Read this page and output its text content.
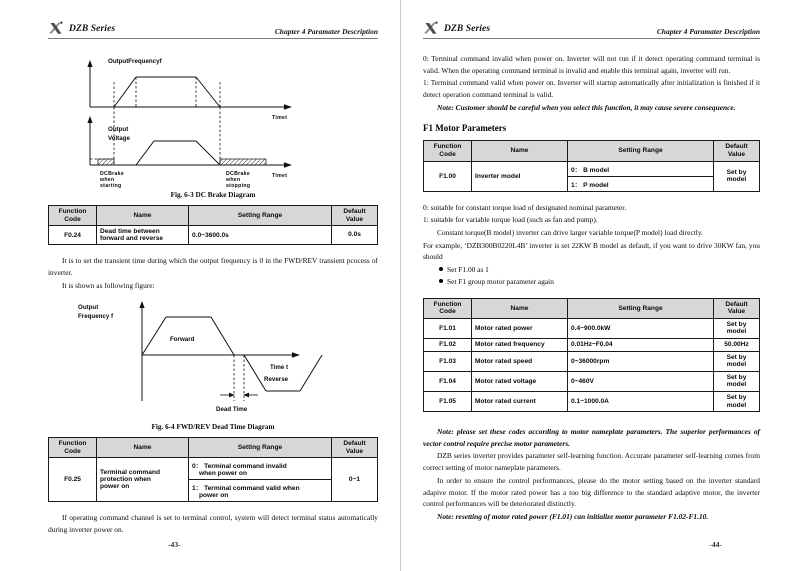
DZB Series	Chapter 4 Paramater Description
OutputFrequencyf
Timet
Output
Voltage
DCBrake
when
starting
DCBrake
when
stopping
Timet
Fig. 6-3 DC Brake Diagram
Function
Code	Name	Setting Range	Default
Value
F0.24	Dead time between
forward and reverse	0.0~3600.0s	0.0s

It is to set the transient time during which the output frequency is 0 in the FWD/REV transient pcocess of inverter.

It is shown as following figure:

Output
Frequency f
Forward
Reverse
Time t
Dead Time
Fig. 6-4 FWD/REV Dead Time Diagram
Function
Code	Name	Setting Range	Default
Value
F0.25	Terminal command
protection when
power on	0： Terminal command invalid
when power on	0~1
		1： Terminal command valid when
power on	

If operating command channel is set to terminal control, system will detect terminal status automatically during inverter power on.

-43-
DZB Series	Chapter 4 Paramater Description

0: Terminal command invalid when power on. Inverter will not run if it detect operating command terminal is valid. When the operating command terminal is invalid and enable this terminal again, inverter will run.

1: Terminal command valid when power on. Inverter will startup automatically after initialization is finished if it detect operation command terminal is valid.

Note: Customer should be careful when you select this function, it may cause severe consequence.

F1 Motor Parameters
Function
Code	Name	Setting Range	Default
Value
F1.00	Inverter model	0： B model	Set by
model
		1： P model	

0: suitable for constant torque load of designated nominal parameter.

1: suitable for variable torque load (such as fan and pump).

Constant torque(B model) inverter can drive larger variable torque(P model) load directly.

For example, ‘DZB300B0220L4B’ inverter is set 22KW B model as default, if you want to drive 30KW fan, you should

Set F1.00 as 1
Set F1 group motor parameter again
Function
Code	Name	Setting Range	Default
Value
F1.01	Motor rated power	0.4~900.0kW	Set by
model
F1.02	Motor rated frequency	0.01Hz~F0.04	50.00Hz
F1.03	Motor rated speed	0~36000rpm	Set by
model
F1.04	Motor rated voltage	0~460V	Set by
model
F1.05	Motor rated current	0.1~1000.0A	Set by
model

Note: please set these codes according to motor nameplate parameters. The superior performances of vector control require precise motor parameters.

DZB series inverter provides parameter self-learning function. Accurate parameter self-learning comes from correct setting of motor nameplate parameters.

In order to ensure the control performances, please do the motor setting based on the inverter standard adapive motor. If the motor rated power has a too big difference to the standard adaptive motor, the inverter control performances will be deteriorated distinctly.

Note: resetting of motor rated power (F1.01) can initialize motor parameter F1.02-F1.10.

-44-
